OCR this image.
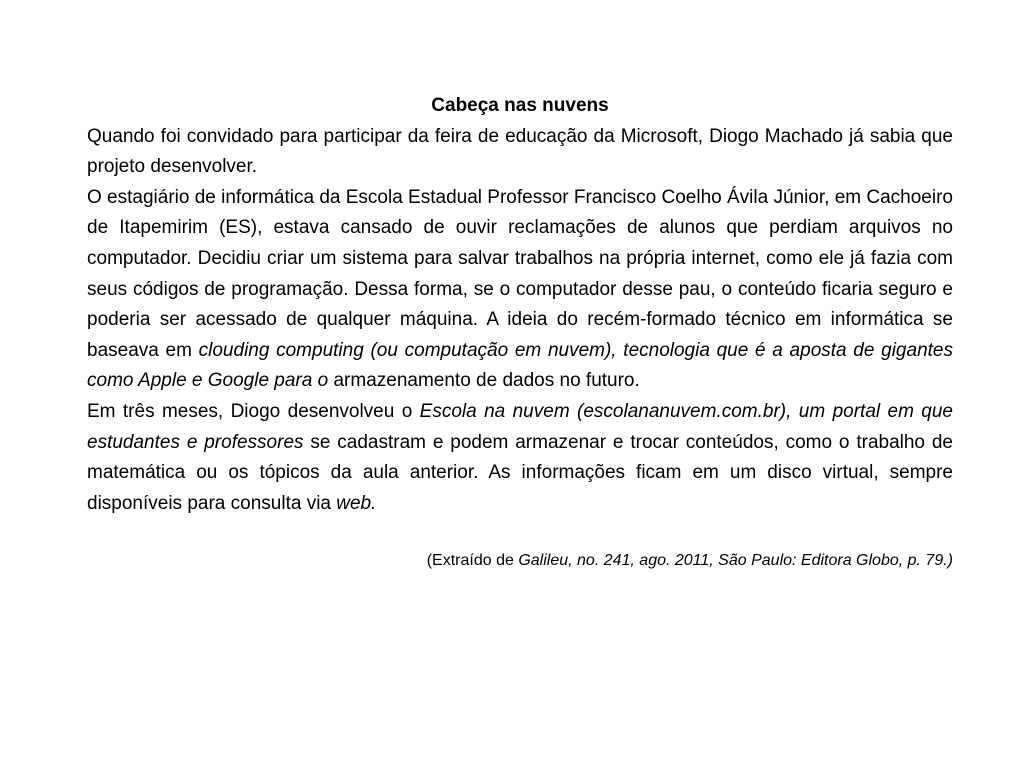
Cabeça nas nuvens

Quando foi convidado para participar da feira de educação da Microsoft, Diogo Machado já sabia que projeto desenvolver.

O estagiário de informática da Escola Estadual Professor Francisco Coelho Ávila Júnior, em Cachoeiro de Itapemirim (ES), estava cansado de ouvir reclamações de alunos que perdiam arquivos no computador. Decidiu criar um sistema para salvar trabalhos na própria internet, como ele já fazia com seus códigos de programação. Dessa forma, se o computador desse pau, o conteúdo ficaria seguro e poderia ser acessado de qualquer máquina. A ideia do recém-formado técnico em informática se baseava em clouding computing (ou computação em nuvem), tecnologia que é a aposta de gigantes como Apple e Google para o armazenamento de dados no futuro.

Em três meses, Diogo desenvolveu o Escola na nuvem (escolananuvem.com.br), um portal em que estudantes e professores se cadastram e podem armazenar e trocar conteúdos, como o trabalho de matemática ou os tópicos da aula anterior. As informações ficam em um disco virtual, sempre disponíveis para consulta via web.

(Extraído de Galileu, no. 241, ago. 2011, São Paulo: Editora Globo, p. 79.)
